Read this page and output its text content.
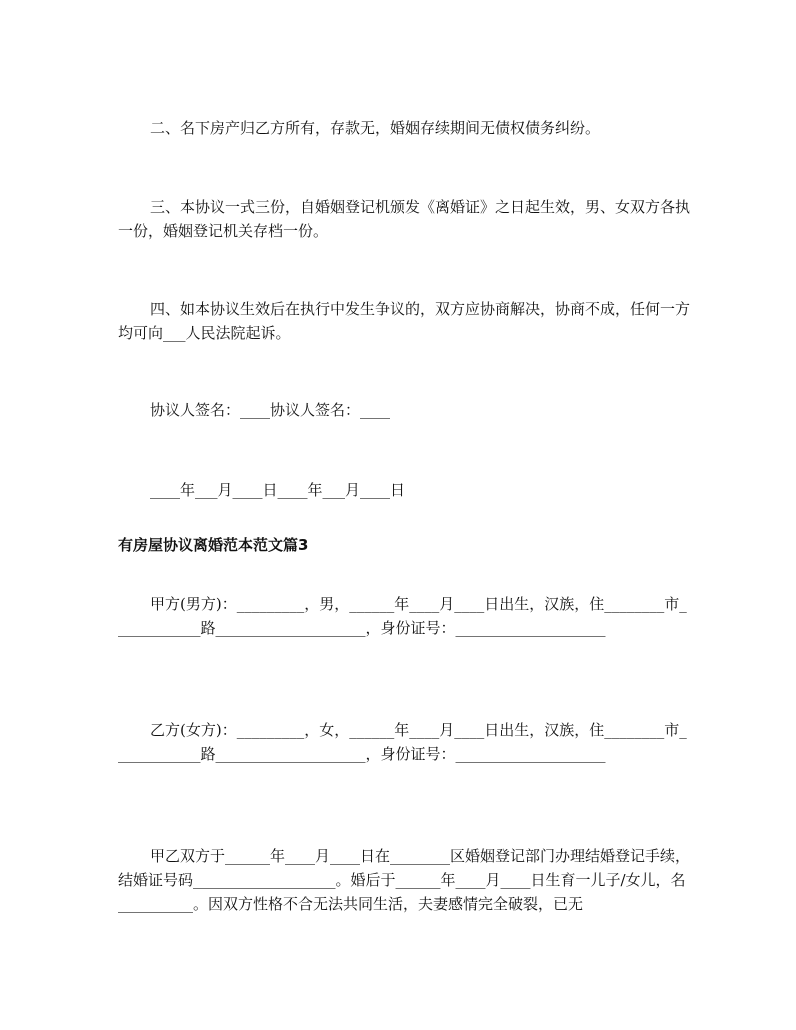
二、名下房产归乙方所有，存款无，婚姻存续期间无债权债务纠纷。

三、本协议一式三份，自婚姻登记机颁发《离婚证》之日起生效，男、女双方各执一份，婚姻登记机关存档一份。

四、如本协议生效后在执行中发生争议的，双方应协商解决，协商不成，任何一方均可向___人民法院起诉。

协议人签名：____协议人签名：____

____年___月____日____年___月____日

有房屋协议离婚范本范文篇3

甲方(男方)：_________，男，______年____月____日出生，汉族，住________市____________路____________________，身份证号：____________________

乙方(女方)：_________，女，______年____月____日出生，汉族，住________市____________路____________________，身份证号：____________________

甲乙双方于______年____月____日在________区婚姻登记部门办理结婚登记手续，结婚证号码___________________。婚后于______年____月____日生育一儿子/女儿，名__________。因双方性格不合无法共同生活，夫妻感情完全破裂，已无
